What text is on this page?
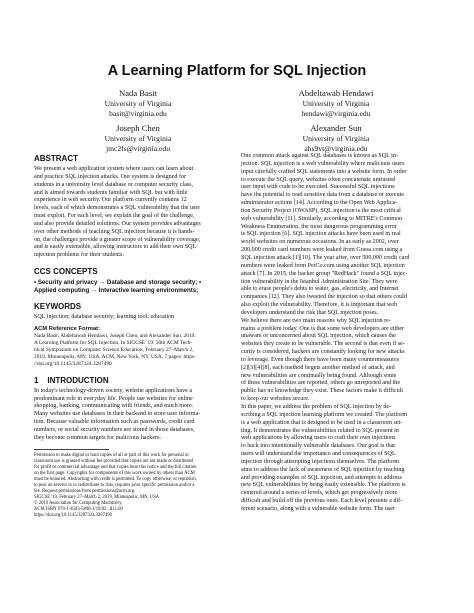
A Learning Platform for SQL Injection
Nada Basit
University of Virginia
basit@virginia.edu
Abdeltawab Hendawi
University of Virginia
hendawi@virginia.edu
Joseph Chen
University of Virginia
jmc2fs@virginia.edu
Alexander Sun
University of Virginia
ahs9vt@virginia.edu
ABSTRACT

We present a web application system where users can learn about
and practice SQL injection attacks. Our system is designed for
students in a university level database or computer security class,
and is aimed towards students familiar with SQL but with little
experience in web security. Our platform currently contains 12
levels, each of which demonstrates a SQL vulnerability that the user
must exploit. For each level, we explain the goal of the challenge,
and also provide detailed solutions. Our system provides advantages
over other methods of teaching SQL injection because it is hands-
on, the challenges provide a greater scope of vulnerability coverage,
and is easily extensible, allowing instructors to add their own SQL
injection problems for their students.

CCS CONCEPTS

• Security and privacy → Database and storage security; •
Applied computing → Interactive learning environments;

KEYWORDS

SQL injection; database security; learning tool; education

ACM Reference Format:

Nada Basit, Abdeltawab Hendawi, Joseph Chen, and Alexander Sun. 2019.
A Learning Platform for SQL Injection. In SIGCSE '19: 50th ACM Tech-
nical Symposium on Computer Science Education, February 27–March 2,
2019, Minneapolis, MN, USA. ACM, New York, NY, USA, 7 pages. https:
//doi.org/10.1145/3287324.3287490

1    INTRODUCTION

In today's technology-driven society, website applications have a
predominant role in everyday life. People use websites for online
shopping, banking, communicating with friends, and much more.
Many websites use databases in their backend to store user informa-
tion. Because valuable information such as passwords, credit card
numbers, or social security numbers are stored in those databases,
they become common targets for malicious hackers.

Permission to make digital or hard copies of all or part of this work for personal or
classroom use is granted without fee provided that copies are not made or distributed
for profit or commercial advantage and that copies bear this notice and the full citation
on the first page. Copyrights for components of this work owned by others than ACM
must be honored. Abstracting with credit is permitted. To copy otherwise, or republish,
to post on servers or to redistribute to lists, requires prior specific permission and/or a
fee. Request permissions from permissions@acm.org.
SIGCSE '19, February 27–March 2, 2019, Minneapolis, MN, USA
© 2019 Association for Computing Machinery.
ACM ISBN 978-1-4503-5890-3/19/02...$15.00
https://doi.org/10.1145/3287324.3287490

One common attack against SQL databases is known as SQL in-
jection. SQL injection is a web vulnerability where malicious users
input carefully crafted SQL statements into a website form. In order
to execute the SQL query, websites often concatenate untrusted
user input with code to be executed. Successful SQL injections
have the potential to read sensitive data from a database or execute
administrator actions [14]. According to the Open Web Applica-
tion Security Project (OWASP), SQL injection is the most critical
web vulnerability [11]. Similarly, according to MITRE's Common
Weakness Enumeration, the most dangerous programming error
is SQL injection [6]. SQL injection attacks have been used in real
world websites on numerous occasions. In as early as 2002, over
200,000 credit card numbers were leaked from Guess.com using a
SQL injection attack [1][10]. The year after, over 500,000 credit card
numbers were leaked from PetCo.com using another SQL injection
attack [7]. In 2015, the hacker group "RedHack" found a SQL injec-
tion vulnerability in the Istanbul Administration Site. They were
able to erase people's debts to water, gas, electricity, and Internet
companies [12]. They also tweeted the injection so that others could
also exploit the vulnerability. Therefore, it is important that web
developers understand the risk that SQL injection poses.

We believe there are two main reasons why SQL injection re-
mains a problem today. One is that some web developers are either
unaware or unconcerned about SQL injection, which causes the
websites they create to be vulnerable. The second is that even if se-
curity is considered, hackers are constantly looking for new attacks
to leverage. Even though there have been many countermeasures
[2][3][4][8], each method begets another method of attack, and
new vulnerabilities are continually being found. Although some
of these vulnerabilities are reported, others go unreported and the
public has no knowledge they exist. These factors make it difficult
to keep our websites secure.

In this paper, we address the problem of SQL injection by de-
scribing a SQL injection learning platform we created. The platform
is a web application that is designed to be used in a classroom set-
ting. It demonstrates the vulnerabilities related to SQL present in
web applications by allowing users to craft their own injections
to hack into intentionally vulnerable databases. Our goal is that
users will understand the importance and consequences of SQL
injection through attempting injections themselves. The platform
aims to address the lack of awareness of SQL injection by teaching
and providing examples of SQL injection, and attempts to address
new SQL vulnerabilities by being easily extensible. The platform is
centered around a series of levels, which get progressively more
difficult and build off the previous ones. Each level presents a dif-
ferent scenario, along with a vulnerable website form. The user
